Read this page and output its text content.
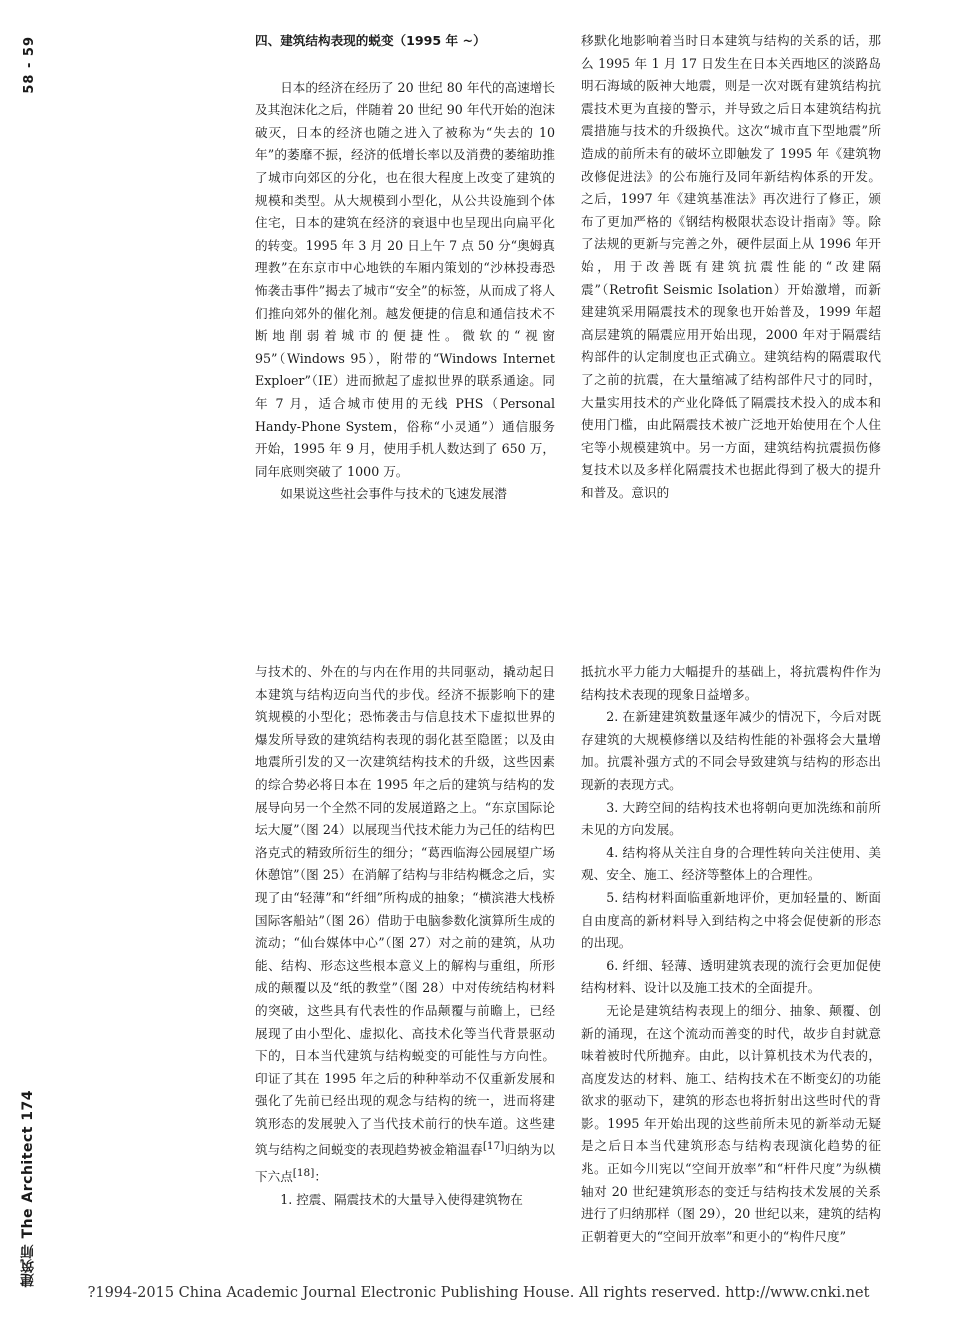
58 - 59
建筑师 The Architect 174
四、建筑结构表现的蜕变（1995 年 ~）

日本的经济在经历了 20 世纪 80 年代的高速增长及其泡沫化之后，伴随着 20 世纪 90 年代开始的泡沫破灭，日本的经济也随之进入了被称为“失去的 10 年”的萎靡不振，经济的低增长率以及消费的萎缩助推了城市向郊区的分化，也在很大程度上改变了建筑的规模和类型。从大规模到小型化，从公共设施到个体住宅，日本的建筑在经济的衰退中也呈现出向扁平化的转变。1995 年 3 月 20 日上午 7 点 50 分“奥姆真理教”在东京市中心地铁的车厢内策划的“沙林投毒恐怖袭击事件”揭去了城市“安全”的标签，从而成了将人们推向郊外的催化剂。越发便捷的信息和通信技术不断地削弱着城市的便捷性。微软的“视窗 95”（Windows 95），附带的“Windows Internet Exploer”（IE）进而掀起了虚拟世界的联系通途。同年 7 月，适合城市使用的无线 PHS（Personal Handy-Phone System，俗称“小灵通”）通信服务开始，1995 年 9 月，使用手机人数达到了 650 万，同年底则突破了 1000 万。

如果说这些社会事件与技术的飞速发展潜

移默化地影响着当时日本建筑与结构的关系的话，那么 1995 年 1 月 17 日发生在日本关西地区的淡路岛明石海域的阪神大地震，则是一次对既有建筑结构抗震技术更为直接的警示，并导致之后日本建筑结构抗震措施与技术的升级换代。这次“城市直下型地震”所造成的前所未有的破坏立即触发了 1995 年《建筑物改修促进法》的公布施行及同年新结构体系的开发。之后，1997 年《建筑基准法》再次进行了修正，颁布了更加严格的《钢结构极限状态设计指南》等。除了法规的更新与完善之外，硬件层面上从 1996 年开始，用于改善既有建筑抗震性能的“改建隔震”（Retrofit Seismic Isolation）开始激增，而新建建筑采用隔震技术的现象也开始普及，1999 年超高层建筑的隔震应用开始出现，2000 年对于隔震结构部件的认定制度也正式确立。建筑结构的隔震取代了之前的抗震，在大量缩减了结构部件尺寸的同时，大量实用技术的产业化降低了隔震技术投入的成本和使用门槛，由此隔震技术被广泛地开始使用在个人住宅等小规模建筑中。另一方面，建筑结构抗震损伤修复技术以及多样化隔震技术也据此得到了极大的提升和普及。意识的

与技术的、外在的与内在作用的共同驱动，撬动起日本建筑与结构迈向当代的步伐。经济不振影响下的建筑规模的小型化；恐怖袭击与信息技术下虚拟世界的爆发所导致的建筑结构表现的弱化甚至隐匿；以及由地震所引发的又一次建筑结构技术的升级，这些因素的综合势必将日本在 1995 年之后的建筑与结构的发展导向另一个全然不同的发展道路之上。“东京国际论坛大厦”（图 24）以展现当代技术能力为己任的结构巴洛克式的精致所衍生的细分；“葛西临海公园展望广场休憩馆”（图 25）在消解了结构与非结构概念之后，实现了由“轻薄”和“纤细”所构成的抽象；“横滨港大栈桥国际客船站”（图 26）借助于电脑参数化演算所生成的流动；“仙台媒体中心”（图 27）对之前的建筑，从功能、结构、形态这些根本意义上的解构与重组，所形成的颠覆以及“纸的教堂”（图 28）中对传统结构材料的突破，这些具有代表性的作品颠覆与前瞻上，已经展现了由小型化、虚拟化、高技术化等当代背景驱动下的，日本当代建筑与结构蜕变的可能性与方向性。印证了其在 1995 年之后的种种举动不仅重新发展和强化了先前已经出现的观念与结构的统一，进而将建筑形态的发展驶入了当代技术前行的快车道。这些建筑与结构之间蜕变的表现趋势被金箱温春[17]归纳为以下六点[18]：

1. 控震、隔震技术的大量导入使得建筑物在

抵抗水平力能力大幅提升的基础上，将抗震构件作为结构技术表现的现象日益增多。

2. 在新建建筑数量逐年减少的情况下，今后对既存建筑的大规模修缮以及结构性能的补强将会大量增加。抗震补强方式的不同会导致建筑与结构的形态出现新的表现方式。

3. 大跨空间的结构技术也将朝向更加洗练和前所未见的方向发展。

4. 结构将从关注自身的合理性转向关注使用、美观、安全、施工、经济等整体上的合理性。

5. 结构材料面临重新地评价，更加轻量的、断面自由度高的新材料导入到结构之中将会促使新的形态的出现。

6. 纤细、轻薄、透明建筑表现的流行会更加促使结构材料、设计以及施工技术的全面提升。

无论是建筑结构表现上的细分、抽象、颠覆、创新的涌现，在这个流动而善变的时代，故步自封就意味着被时代所抛弃。由此，以计算机技术为代表的，高度发达的材料、施工、结构技术在不断变幻的功能欲求的驱动下，建筑的形态也将折射出这些时代的背影。1995 年开始出现的这些前所未见的新举动无疑是之后日本当代建筑形态与结构表现演化趋势的征兆。正如今川宪以“空间开放率”和“杆件尺度”为纵横轴对 20 世纪建筑形态的变迁与结构技术发展的关系进行了归纳那样（图 29），20 世纪以来，建筑的结构正朝着更大的“空间开放率”和更小的“构件尺度”

?1994-2015 China Academic Journal Electronic Publishing House. All rights reserved. http://www.cnki.net
